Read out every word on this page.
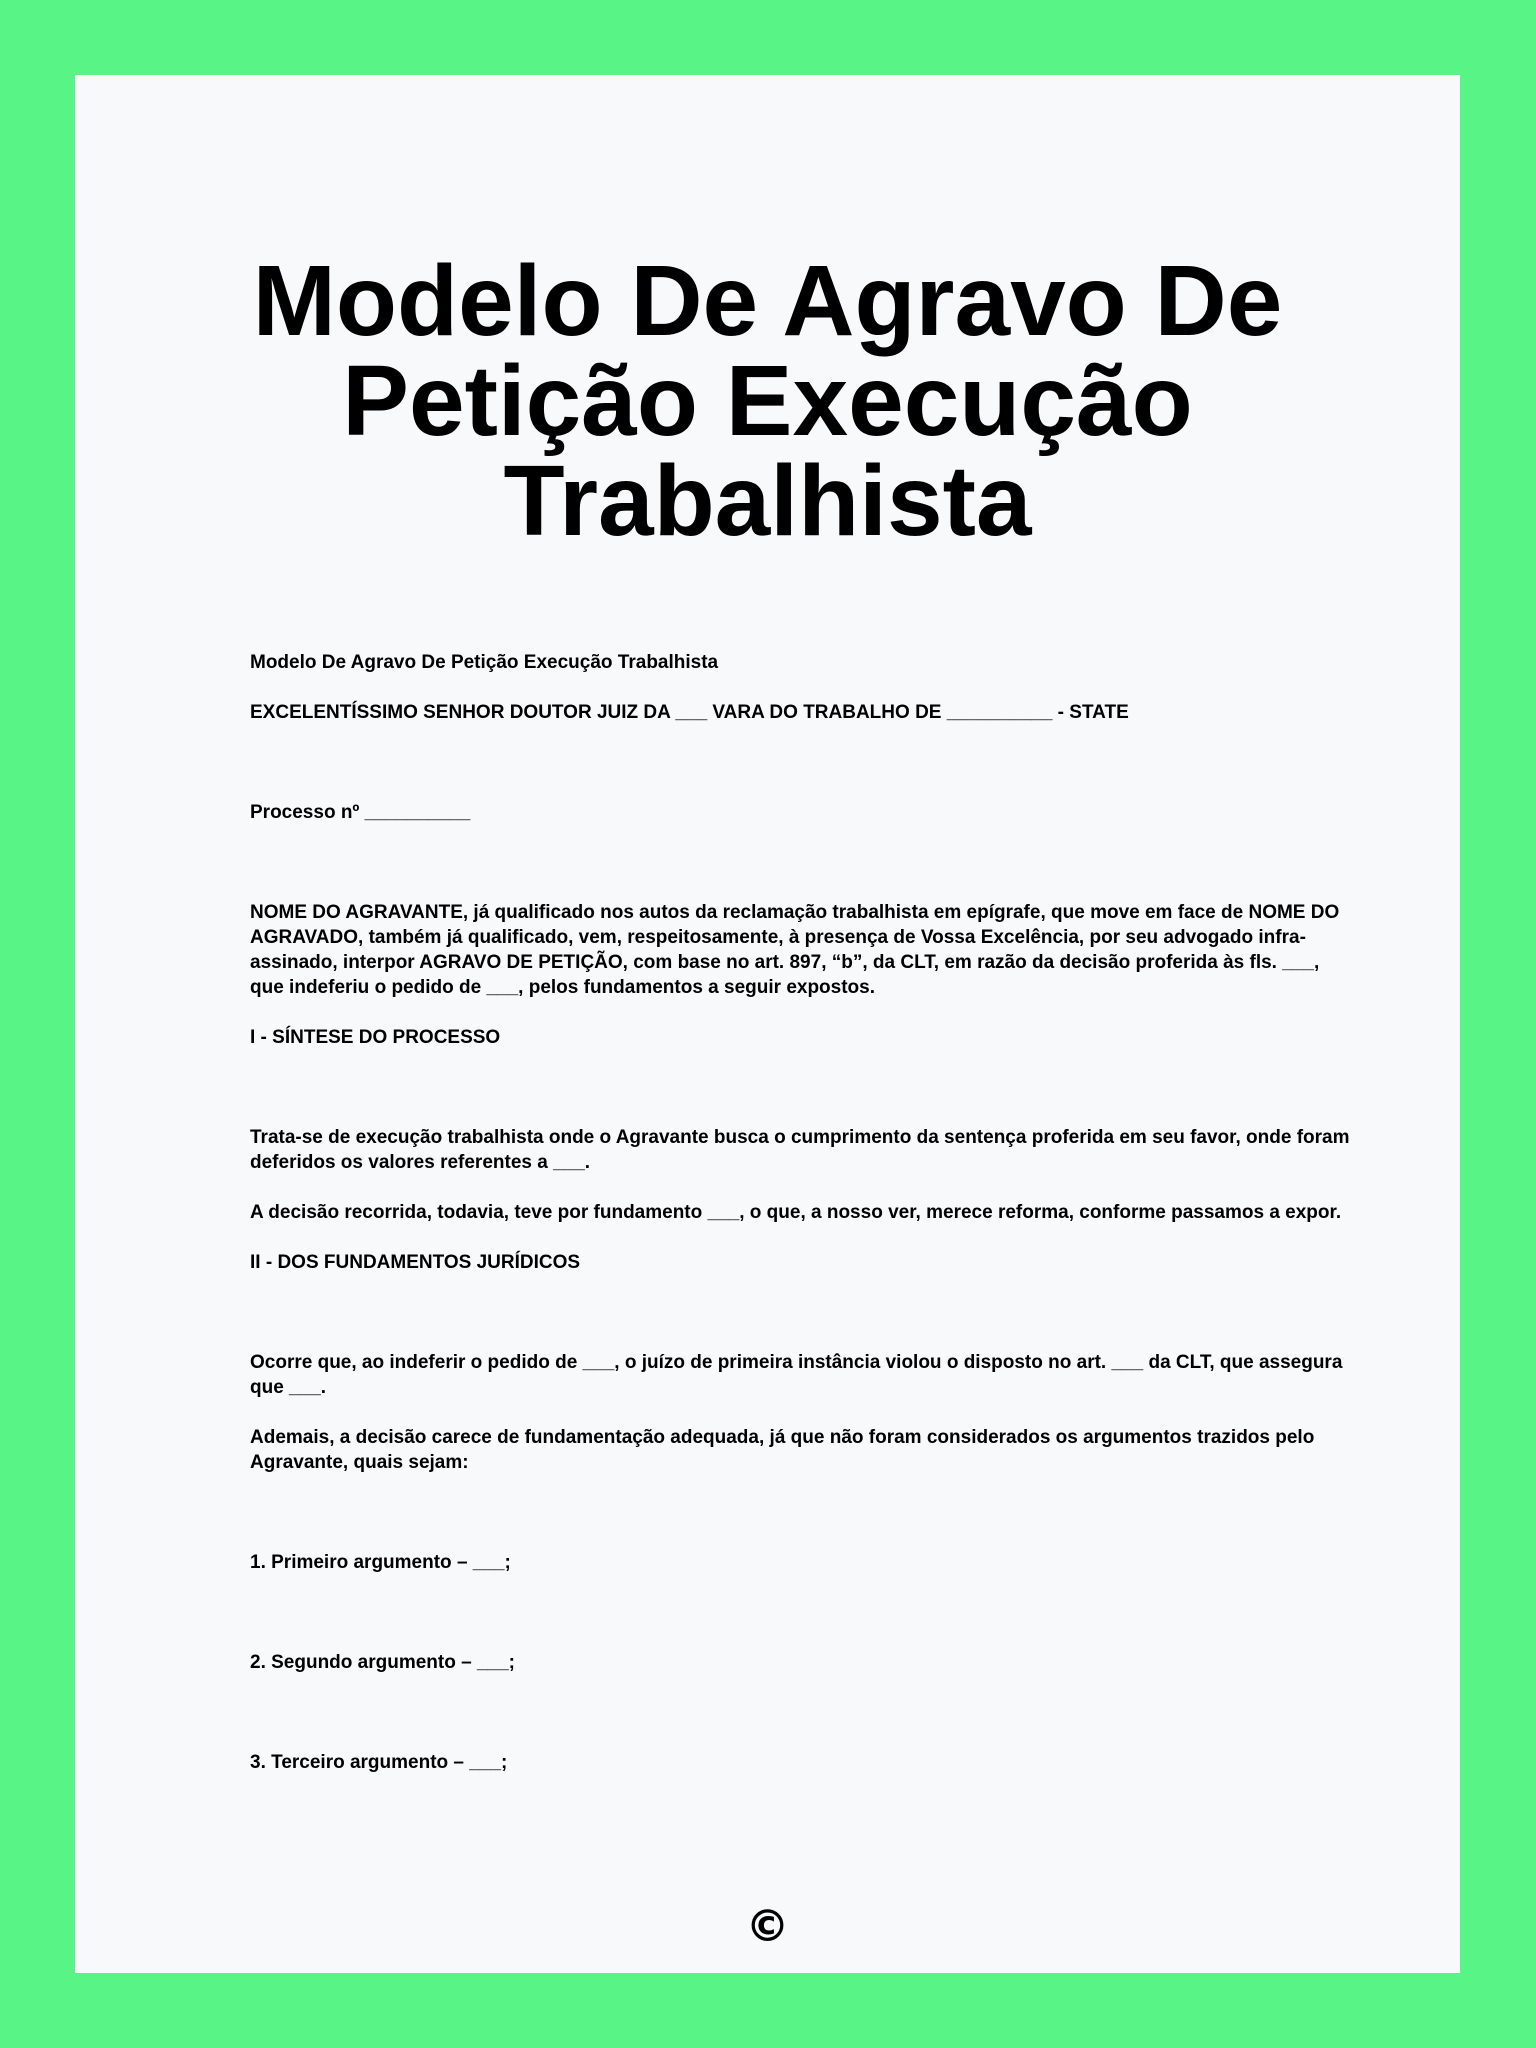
Modelo De Agravo De Petição Execução Trabalhista

Modelo De Agravo De Petição Execução Trabalhista

EXCELENTÍSSIMO SENHOR DOUTOR JUIZ DA ___ VARA DO TRABALHO DE __________ - STATE

Processo nº __________

NOME DO AGRAVANTE, já qualificado nos autos da reclamação trabalhista em epígrafe, que move em face de NOME DO AGRAVADO, também já qualificado, vem, respeitosamente, à presença de Vossa Excelência, por seu advogado infra-assinado, interpor AGRAVO DE PETIÇÃO, com base no art. 897, “b”, da CLT, em razão da decisão proferida às fls. ___, que indeferiu o pedido de ___, pelos fundamentos a seguir expostos.

I - SÍNTESE DO PROCESSO

Trata-se de execução trabalhista onde o Agravante busca o cumprimento da sentença proferida em seu favor, onde foram deferidos os valores referentes a ___.

A decisão recorrida, todavia, teve por fundamento ___, o que, a nosso ver, merece reforma, conforme passamos a expor.

II - DOS FUNDAMENTOS JURÍDICOS

Ocorre que, ao indeferir o pedido de ___, o juízo de primeira instância violou o disposto no art. ___ da CLT, que assegura que ___.

Ademais, a decisão carece de fundamentação adequada, já que não foram considerados os argumentos trazidos pelo Agravante, quais sejam:

1. Primeiro argumento – ___;

2. Segundo argumento – ___;

3. Terceiro argumento – ___;

©
